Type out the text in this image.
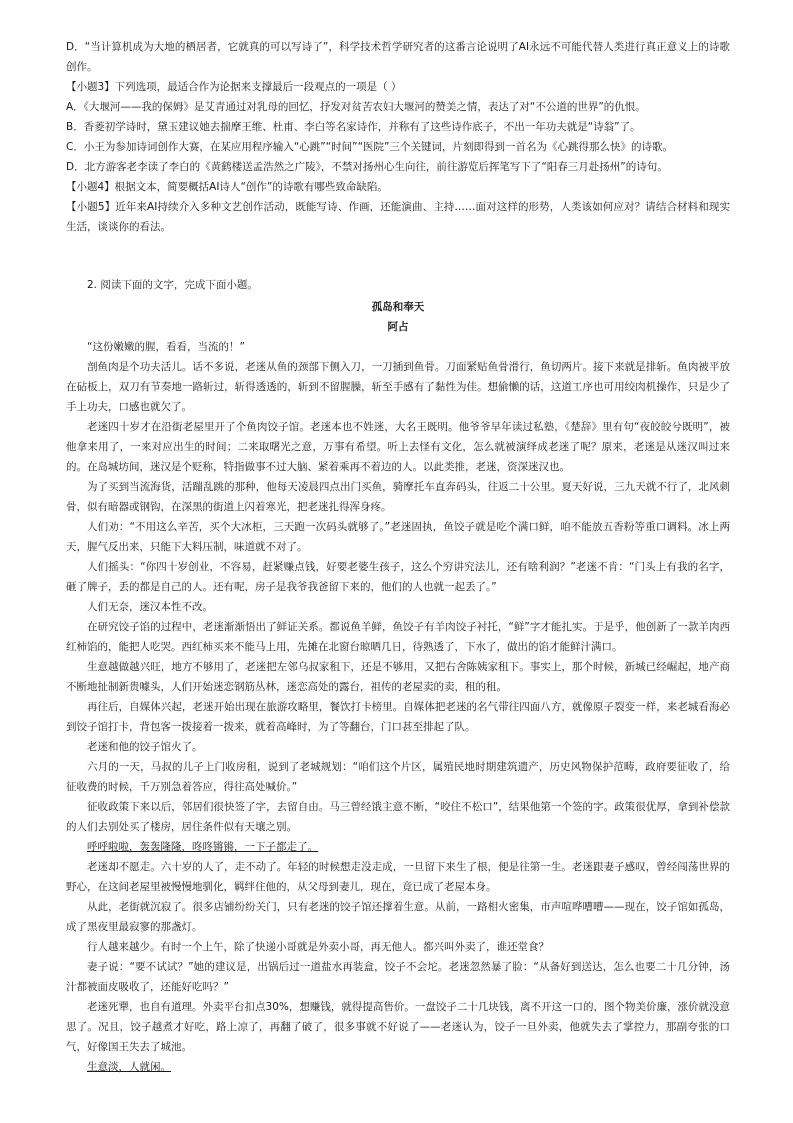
D．“当计算机成为大地的栖居者，它就真的可以写诗了”，科学技术哲学研究者的这番言论说明了AI永远不可能代替人类进行真正意义上的诗歌创作。

【小题3】下列选项，最适合作为论据来支撑最后一段观点的一项是（ ）

A．《大堰河——我的保姆》是艾青通过对乳母的回忆，抒发对贫苦农妇大堰河的赞美之情，表达了对“不公道的世界”的仇恨。

B．香菱初学诗时，黛玉建议她去揣摩王维、杜甫、李白等名家诗作，并称有了这些诗作底子，不出一年功夫就是“诗翁”了。

C．小王为参加诗词创作大赛，在某应用程序输入“心跳”“时间”“医院”三个关键词，片刻即得到一首名为《心跳得那么快》的诗歌。

D．北方游客老李读了李白的《黄鹤楼送孟浩然之广陵》，不禁对扬州心生向往，前往游览后挥笔写下了“阳春三月赴扬州”的诗句。

【小题4】根据文本，简要概括AI诗人“创作”的诗歌有哪些致命缺陷。

【小题5】近年来AI持续介入多种文艺创作活动，既能写诗、作画，还能演曲、主持……面对这样的形势，人类该如何应对？请结合材料和现实生活，谈谈你的看法。

2. 阅读下面的文字，完成下面小题。

孤岛和奉天

阿占

“这份嫩嫩的腥，看看，当流的！”

剖鱼肉是个功夫活儿。话不多说，老迷从鱼的颈部下侧入刀，一刀插到鱼骨。刀面紧贴鱼骨滑行，鱼切两片。接下来就是排斩。鱼肉被平放在砧板上，双刀有节奏地一路斩过，斩得透透的，斩到不留腥臊，斩至手感有了黏性为佳。想偷懒的话，这道工序也可用绞肉机操作，只是少了手上功夫，口感也就欠了。

老迷四十岁才在沿街老屋里开了个鱼肉饺子馆。老迷本也不姓迷，大名王既明。他爷爷早年读过私塾，《楚辞》里有句“夜皎皎兮既明”，被他拿来用了，一来对应出生的时间；二来取曙光之意，万事有希望。听上去怪有文化，怎么就被演绎成老迷了呢？原来，老迷是从迷汉叫过来的。在岛城坊间，迷汉是个贬称，特指做事不过大脑、紧着乘再不着边的人。以此类推，老迷，资深迷汉也。

为了买到当流海货，活蹦乱跳的那种，他每天凌晨四点出门买鱼，骑摩托车直奔码头，往返二十公里。夏天好说，三九天就不行了，北风刺骨，似有暗器或钢钩，在深黑的街道上闪着寒光，把老迷扎得浑身疼。

人们劝：“不用这么辛苦，买个大冰柜，三天跑一次码头就够了。”老迷固执，鱼饺子就是吃个满口鲜，咱不能放五香粉等重口调料。冰上两天，腥气反出来，只能下大料压制，味道就不对了。

人们摇头：“你四十岁创业，不容易，赶紧赚点钱，好要老婆生孩子，这么个穷讲究法儿，还有啥利润？”老迷不肯：“门头上有我的名字，砸了牌子，丢的都是自己的人。还有呢，房子是我爷我爸留下来的，他们的人也就一起丢了。”

人们无奈，迷汉本性不改。

在研究饺子馅的过程中，老迷渐渐悟出了鲜证关系。都说鱼羊鲜，鱼饺子有羊肉饺子衬托，“鲜”字才能扎实。于是乎，他创新了一款羊肉西红柿馅的，能把人吃哭。西红柿买来不能马上用，先摊在北窗台晾晒几日，待熟透了，下水了，做出的馅才能鲜汁满口。

生意越做越兴旺，地方不够用了，老迷把左邻乌叔家租下，还是不够用，又把右舍陈姨家租下。事实上，那个时候，新城已经崛起，地产商不断地扯制新贵噱头，人们开始迷恋钢筋丛林，迷恋高处的露台，祖传的老屋卖的卖，租的租。

再往后，自媒体兴起，老迷开始出现在旅游攻略里，餐饮打卡榜里。自媒体把老迷的名气带往四面八方，就像原子裂变一样，来老城看海必到饺子馆打卡，背包客一拨接着一拨来，就着高峰时，为了等翻台，门口甚至排起了队。

老迷和他的饺子馆火了。

六月的一天，马叔的儿子上门收房租，说到了老城规划：“咱们这个片区，属殖民地时期建筑遗产，历史风物保护范畴，政府要征收了，给征收费的时候，千万别急着答应，得往高处喊价。”

征收政策下来以后，邻居们很快签了字，去留自由。马三曾经饿主意不断，“咬住不松口”，结果他第一个签的字。政策很优厚，拿到补偿款的人们去别处买了楼房，居住条件似有天壤之别。

呼呼啦啦，轰轰隆隆，咚咚锵锵，一下子都走了。

老迷却不愿走。六十岁的人了，走不动了。年轻的时候想走没走成，一旦留下来生了根，便是往第一生。老迷跟妻子感叹，曾经闯荡世界的野心，在这间老屋里被慢慢地驯化，羁绊住他的，从父母到妻儿，现在，竟已成了老屋本身。

从此，老街就沉寂了。很多店铺纷纷关门，只有老迷的饺子馆还撑着生意。从前，一路相火密集，市声喧哗嘈嘈——现在，饺子馆如孤岛，成了黑夜里最寂寥的那盏灯。

行人越来越少。有时一个上午，除了快递小哥就是外卖小哥，再无他人。都兴叫外卖了，谁还堂食？

妻子说：“要不试试？”她的建议是，出锅后过一道盐水再装盒，饺子不会坨。老迷忽然暴了脸：“从备好到送达，怎么也要二十几分钟，汤汁都被面皮吸收了，还能好吃吗？”

老迷死犟，也自有道理。外卖平台扣点30%，想赚钱，就得提高售价。一盘饺子二十几块钱，离不开这一口的，图个物美价廉，涨价就没意思了。况且，饺子越煮才好吃，路上凉了，再翻了破了，很多事就不好说了——老迷认为，饺子一旦外卖，他就失去了掌控力，那副夸张的口气，好像国王失去了城池。

生意淡，人就闲。
